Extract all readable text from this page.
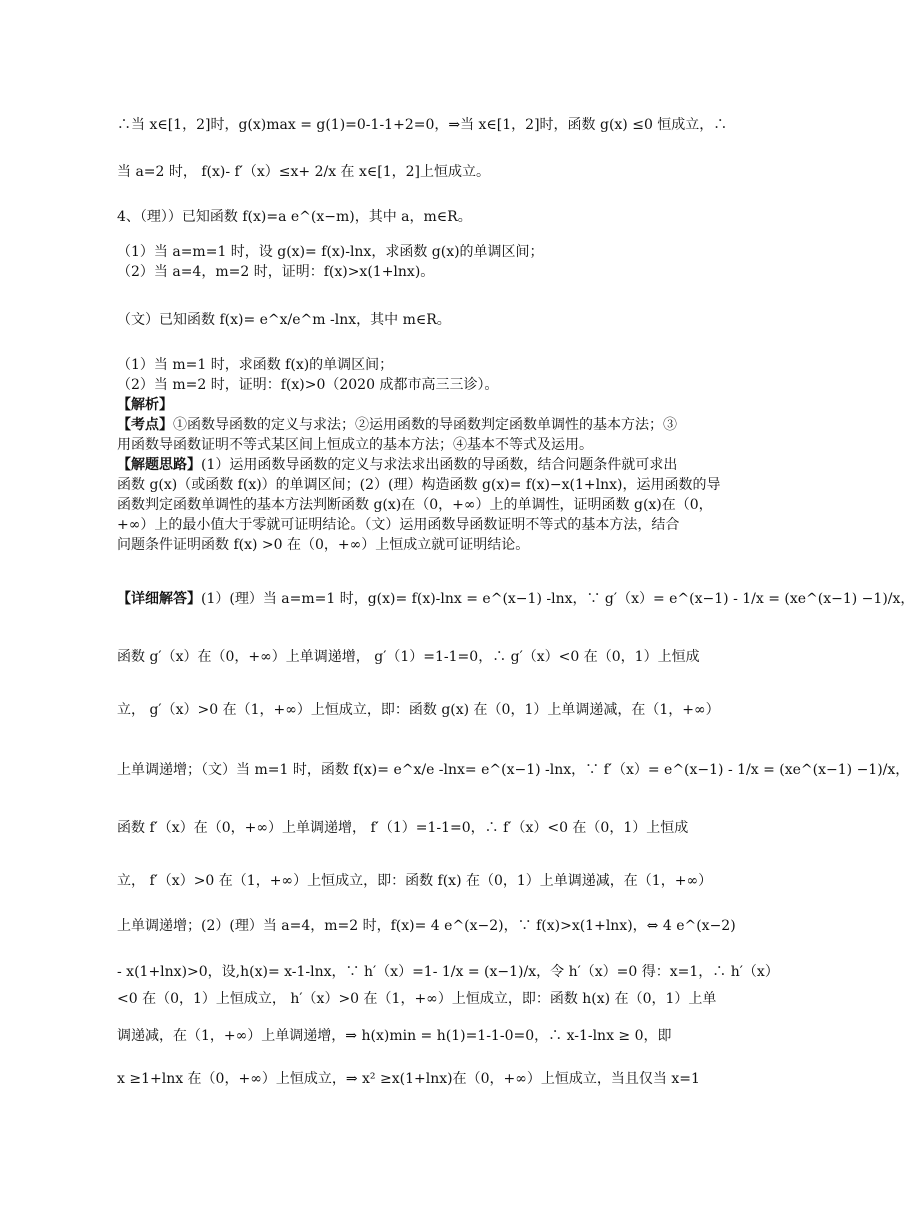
∴当 x∈[1，2]时，g(x)max = g(1)=0-1-1+2=0，⇒当 x∈[1，2]时，函数 g(x) ≤0 恒成立，∴
当 a=2 时， f(x)- f′（x）≤x+ 2/x 在 x∈[1，2]上恒成立。
4、（理））已知函数 f(x)=a e^(x−m)，其中 a，m∈R。
（1）当 a=m=1 时，设 g(x)= f(x)-lnx，求函数 g(x)的单调区间；
（2）当 a=4，m=2 时，证明：f(x)>x(1+lnx)。
（文）已知函数 f(x)= e^x/e^m -lnx，其中 m∈R。
（1）当 m=1 时，求函数 f(x)的单调区间；
（2）当 m=2 时，证明：f(x)>0（2020 成都市高三三诊）。
【解析】
【考点】①函数导函数的定义与求法；②运用函数的导函数判定函数单调性的基本方法；③
用函数导函数证明不等式某区间上恒成立的基本方法；④基本不等式及运用。
【解题思路】(1）运用函数导函数的定义与求法求出函数的导函数，结合问题条件就可求出
函数 g(x)（或函数 f(x)）的单调区间；(2）(理）构造函数 g(x)= f(x)−x(1+lnx)，运用函数的导
函数判定函数单调性的基本方法判断函数 g(x)在（0，+∞）上的单调性，证明函数 g(x)在（0，
+∞）上的最小值大于零就可证明结论。（文）运用函数导函数证明不等式的基本方法，结合
问题条件证明函数 f(x) >0 在（0，+∞）上恒成立就可证明结论。
【详细解答】(1）(理）当 a=m=1 时，g(x)= f(x)-lnx = e^(x−1) -lnx，∵ g′（x）= e^(x−1) - 1/x = (xe^(x−1) −1)/x，
函数 g′（x）在（0，+∞）上单调递增， g′（1）=1-1=0，∴ g′（x）<0 在（0，1）上恒成
立， g′（x）>0 在（1，+∞）上恒成立，即：函数 g(x) 在（0，1）上单调递减，在（1，+∞）
上单调递增；（文）当 m=1 时，函数 f(x)= e^x/e -lnx= e^(x−1) -lnx，∵ f′（x）= e^(x−1) - 1/x = (xe^(x−1) −1)/x，
函数 f′（x）在（0，+∞）上单调递增， f′（1）=1-1=0，∴ f′（x）<0 在（0，1）上恒成
立， f′（x）>0 在（1，+∞）上恒成立，即：函数 f(x) 在（0，1）上单调递减，在（1，+∞）
上单调递增；(2）(理）当 a=4，m=2 时，f(x)= 4 e^(x−2)，∵ f(x)>x(1+lnx)，⇔ 4 e^(x−2)
- x(1+lnx)>0，设,h(x)= x-1-lnx，∵ h′（x）=1- 1/x = (x−1)/x，令 h′（x）=0 得：x=1，∴ h′（x）
<0 在（0，1）上恒成立， h′（x）>0 在（1，+∞）上恒成立，即：函数 h(x) 在（0，1）上单
调递减，在（1，+∞）上单调递增，⇒ h(x)min = h(1)=1-1-0=0，∴ x-1-lnx ≥ 0，即
x ≥1+lnx 在（0，+∞）上恒成立，⇒ x² ≥x(1+lnx)在（0，+∞）上恒成立，当且仅当 x=1
